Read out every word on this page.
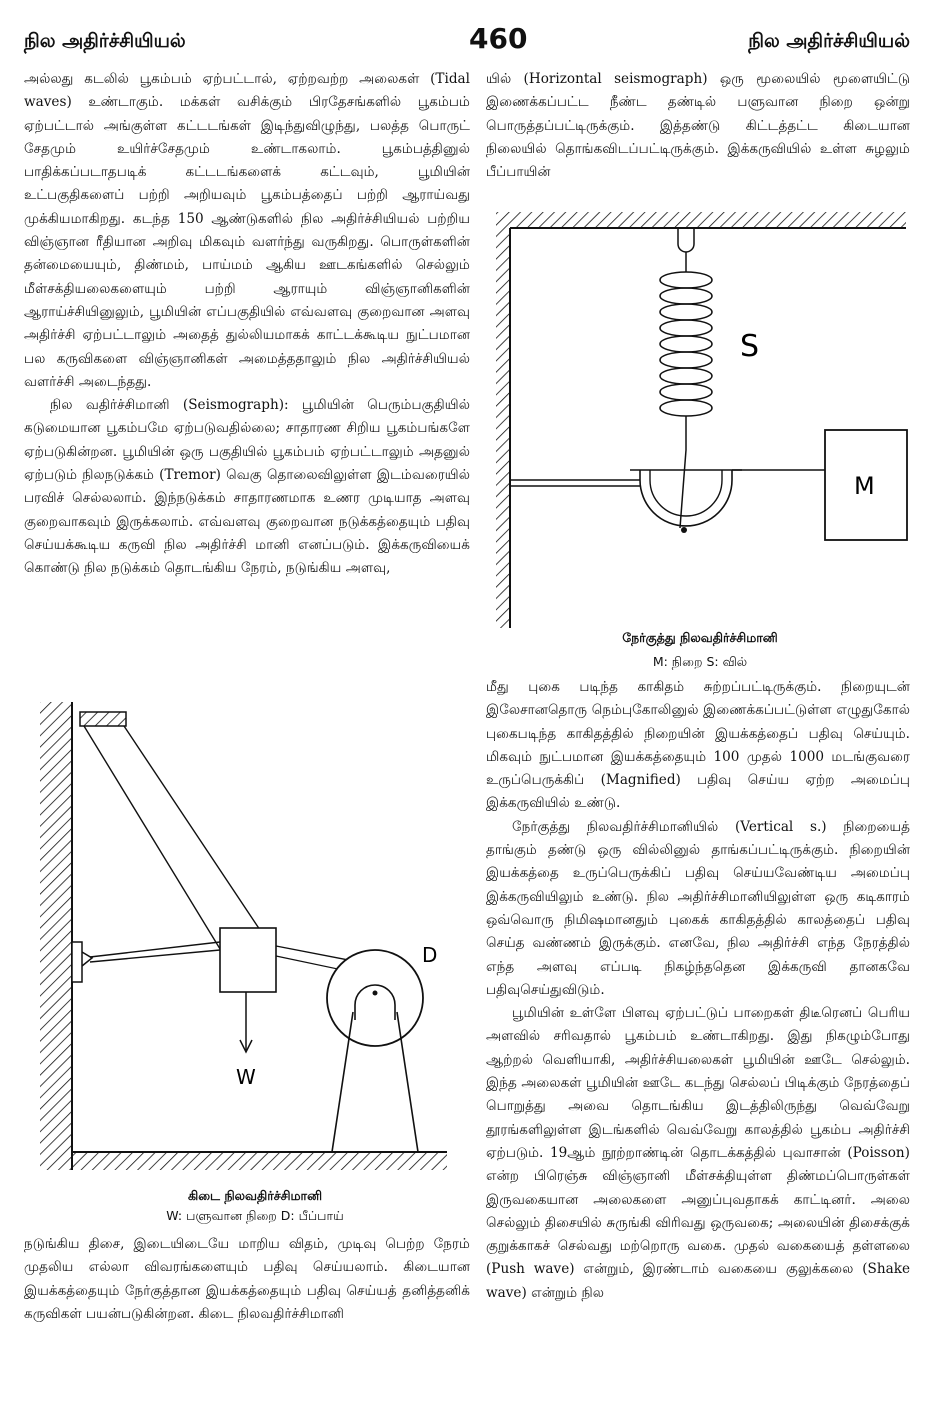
நில அதிர்ச்சியியல்	460	நில அதிர்ச்சியியல்

அல்லது கடலில் பூகம்பம் ஏற்பட்டால், ஏற்றவற்ற அலைகள் (Tidal waves) உண்டாகும். மக்கள் வசிக்கும் பிரதேசங்களில் பூகம்பம் ஏற்பட்டால் அங்குள்ள கட்டடங்கள் இடிந்துவிழுந்து, பலத்த பொருட் சேதமும் உயிர்ச்சேதமும் உண்டாகலாம். பூகம்பத்தினுல் பாதிக்கப்படாதபடிக் கட்டடங்களைக் கட்டவும், பூமியின் உட்பகுதிகளைப் பற்றி அறியவும் பூகம்பத்தைப் பற்றி ஆராய்வது முக்கியமாகிறது. கடந்த 150 ஆண்டுகளில் நில அதிர்ச்சியியல் பற்றிய விஞ்ஞான ரீதியான அறிவு மிகவும் வளர்ந்து வருகிறது. பொருள்களின் தன்மையையும், திண்மம், பாய்மம் ஆகிய ஊடகங்களில் செல்லும் மீள்சக்தியலைகளையும் பற்றி ஆராயும் விஞ்ஞானிகளின் ஆராய்ச்சியினுலும், பூமியின் எப்பகுதியில் எவ்வளவு குறைவான அளவு அதிர்ச்சி ஏற்பட்டாலும் அதைத் துல்லியமாகக் காட்டக்கூடிய நுட்பமான பல கருவிகளை விஞ்ஞானிகள் அமைத்ததாலும் நில அதிர்ச்சியியல் வளர்ச்சி அடைந்தது.

நில வதிர்ச்சிமானி (Seismograph): பூமியின் பெரும்பகுதியில் கடுமையான பூகம்பமே ஏற்படுவதில்லை; சாதாரண சிறிய பூகம்பங்களே ஏற்படுகின்றன. பூமியின் ஒரு பகுதியில் பூகம்பம் ஏற்பட்டாலும் அதனுல் ஏற்படும் நிலநடுக்கம் (Tremor) வெகு தொலைவிலுள்ள இடம்வரையில் பரவிச் செல்லலாம். இந்நடுக்கம் சாதாரணமாக உணர முடியாத அளவு குறைவாகவும் இருக்கலாம். எவ்வளவு குறைவான நடுக்கத்தையும் பதிவு செய்யக்கூடிய கருவி நில அதிர்ச்சி மானி எனப்படும். இக்கருவியைக் கொண்டு நில நடுக்கம் தொடங்கிய நேரம், நடுங்கிய அளவு,

W
D
கிடை நிலவதிர்ச்சிமானி
W: பளுவான நிறை D: பீப்பாய்

நடுங்கிய திசை, இடையிடையே மாறிய விதம், முடிவு பெற்ற நேரம் முதலிய எல்லா விவரங்களையும் பதிவு செய்யலாம். கிடையான இயக்கத்தையும் நேர்குத்தான இயக்கத்தையும் பதிவு செய்யத் தனித்தனிக் கருவிகள் பயன்படுகின்றன. கிடை நிலவதிர்ச்சிமானி

யில் (Horizontal seismograph) ஒரு மூலையில் மூளையிட்டு இணைக்கப்பட்ட நீண்ட தண்டில் பளுவான நிறை ஒன்று பொருத்தப்பட்டிருக்கும். இத்தண்டு கிட்டத்தட்ட கிடையான நிலையில் தொங்கவிடப்பட்டிருக்கும். இக்கருவியில் உள்ள சுழலும் பீப்பாயின்

S
M
நேர்குத்து நிலவதிர்ச்சிமானி
M: நிறை S: வில்

மீது புகை படிந்த காகிதம் சுற்றப்பட்டிருக்கும். நிறையுடன் இலேசானதொரு நெம்புகோலினுல் இணைக்கப்பட்டுள்ள எழுதுகோல் புகைபடிந்த காகிதத்தில் நிறையின் இயக்கத்தைப் பதிவு செய்யும். மிகவும் நுட்பமான இயக்கத்தையும் 100 முதல் 1000 மடங்குவரை உருப்பெருக்கிப் (Magnified) பதிவு செய்ய ஏற்ற அமைப்பு இக்கருவியில் உண்டு.

நேர்குத்து நிலவதிர்ச்சிமானியில் (Vertical s.) நிறையைத் தாங்கும் தண்டு ஒரு வில்லினுல் தாங்கப்பட்டிருக்கும். நிறையின் இயக்கத்தை உருப்பெருக்கிப் பதிவு செய்யவேண்டிய அமைப்பு இக்கருவியிலும் உண்டு. நில அதிர்ச்சிமானியிலுள்ள ஒரு கடிகாரம் ஒவ்வொரு நிமிஷமானதும் புகைக் காகிதத்தில் காலத்தைப் பதிவு செய்த வண்ணம் இருக்கும். எனவே, நில அதிர்ச்சி எந்த நேரத்தில் எந்த அளவு எப்படி நிகழ்ந்ததென இக்கருவி தானகவே பதிவுசெய்துவிடும்.

பூமியின் உள்ளே பிளவு ஏற்பட்டுப் பாறைகள் திடீரெனப் பெரிய அளவில் சரிவதால் பூகம்பம் உண்டாகிறது. இது நிகழும்போது ஆற்றல் வெளியாகி, அதிர்ச்சியலைகள் பூமியின் ஊடே செல்லும். இந்த அலைகள் பூமியின் ஊடே கடந்து செல்லப் பிடிக்கும் நேரத்தைப் பொறுத்து அவை தொடங்கிய இடத்திலிருந்து வெவ்வேறு தூரங்களிலுள்ள இடங்களில் வெவ்வேறு காலத்தில் பூகம்ப அதிர்ச்சி ஏற்படும். 19ஆம் நூற்றாண்டின் தொடக்கத்தில் புவாசான் (Poisson) என்ற பிரெஞ்சு விஞ்ஞானி மீள்சக்தியுள்ள திண்மப்பொருள்கள் இருவகையான அலைகளை அனுப்புவதாகக் காட்டினர். அலை செல்லும் திசையில் சுருங்கி விரிவது ஒருவகை; அலையின் திசைக்குக் குறுக்காகச் செல்வது மற்றொரு வகை. முதல் வகையைத் தள்ளலை (Push wave) என்றும், இரண்டாம் வகையை குலுக்கலை (Shake wave) என்றும் நில
